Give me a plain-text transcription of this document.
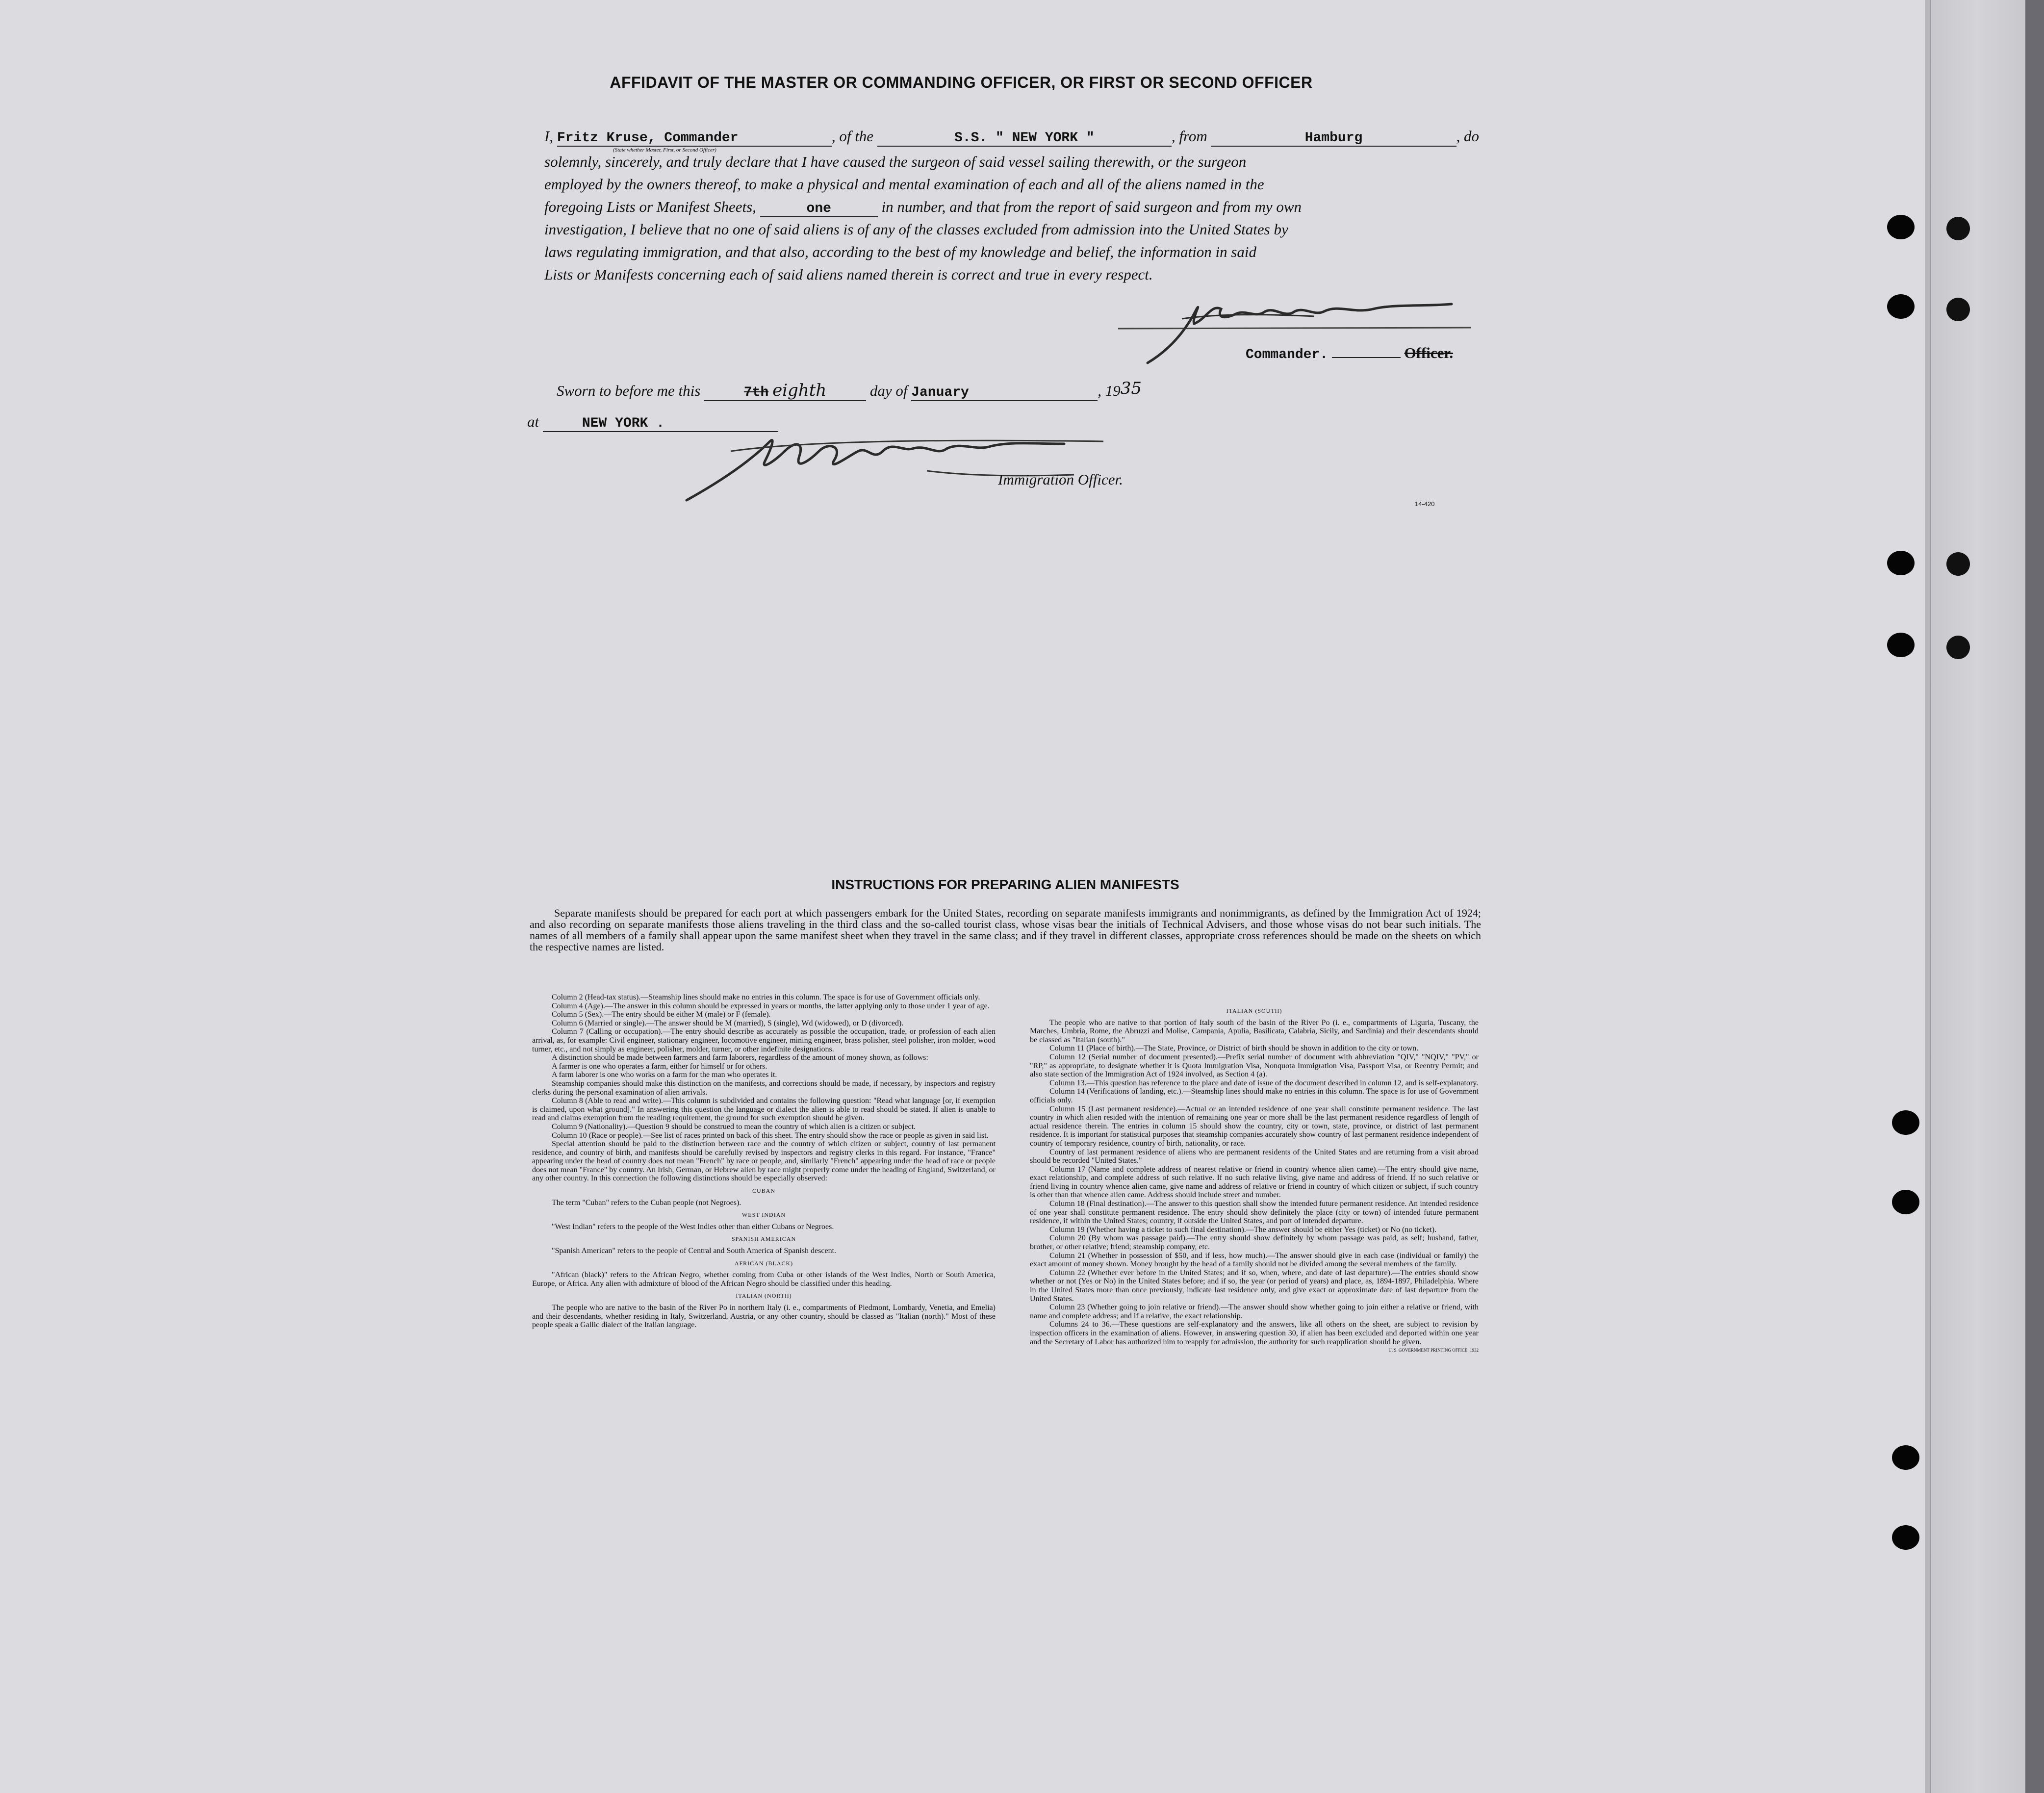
AFFIDAVIT OF THE MASTER OR COMMANDING OFFICER, OR FIRST OR SECOND OFFICER
I, Fritz Kruse, Commander	, of the	S.S. " NEW YORK "	, from	Hamburg	, do
(State whether Master, First, or Second Officer)
solemnly, sincerely, and truly declare that I have caused the surgeon of said vessel sailing therewith, or the surgeon
employed by the owners thereof, to make a physical and mental examination of each and all of the aliens named in the
foregoing Lists or Manifest Sheets,	one	in number, and that from the report of said surgeon and from my own
investigation, I believe that no one of said aliens is of any of the classes excluded from admission into the United States by
laws regulating immigration, and that also, according to the best of my knowledge and belief, the information in said
Lists or Manifests concerning each of said aliens named therein is correct and true in every respect.
Commander.	Officer.
Sworn to before me this	7th eighth	day of January	, 1935
at	NEW YORK .
Immigration Officer.
14-420
INSTRUCTIONS FOR PREPARING ALIEN MANIFESTS
Separate manifests should be prepared for each port at which passengers embark for the United States, recording on separate manifests immigrants and nonimmigrants, as defined by the Immigration Act of 1924; and also recording on separate manifests those aliens traveling in the third class and the so-called tourist class, whose visas bear the initials of Technical Advisers, and those whose visas do not bear such initials. The names of all members of a family shall appear upon the same manifest sheet when they travel in the same class; and if they travel in different classes, appropriate cross references should be made on the sheets on which the respective names are listed.

Column 2 (Head-tax status).—Steamship lines should make no entries in this column. The space is for use of Government officials only.

Column 4 (Age).—The answer in this column should be expressed in years or months, the latter applying only to those under 1 year of age.

Column 5 (Sex).—The entry should be either M (male) or F (female).

Column 6 (Married or single).—The answer should be M (married), S (single), Wd (widowed), or D (divorced).

Column 7 (Calling or occupation).—The entry should describe as accurately as possible the occupation, trade, or profession of each alien arrival, as, for example: Civil engineer, stationary engineer, locomotive engineer, mining engineer, brass polisher, steel polisher, iron molder, wood turner, etc., and not simply as engineer, polisher, molder, turner, or other indefinite designations.

A distinction should be made between farmers and farm laborers, regardless of the amount of money shown, as follows:

A farmer is one who operates a farm, either for himself or for others.

A farm laborer is one who works on a farm for the man who operates it.

Steamship companies should make this distinction on the manifests, and corrections should be made, if necessary, by inspectors and registry clerks during the personal examination of alien arrivals.

Column 8 (Able to read and write).—This column is subdivided and contains the following question: "Read what language [or, if exemption is claimed, upon what ground]." In answering this question the language or dialect the alien is able to read should be stated. If alien is unable to read and claims exemption from the reading requirement, the ground for such exemption should be given.

Column 9 (Nationality).—Question 9 should be construed to mean the country of which alien is a citizen or subject.

Column 10 (Race or people).—See list of races printed on back of this sheet. The entry should show the race or people as given in said list.

Special attention should be paid to the distinction between race and the country of which citizen or subject, country of last permanent residence, and country of birth, and manifests should be carefully revised by inspectors and registry clerks in this regard. For instance, "France" appearing under the head of country does not mean "French" by race or people, and, similarly "French" appearing under the head of race or people does not mean "France" by country. An Irish, German, or Hebrew alien by race might properly come under the heading of England, Switzerland, or any other country. In this connection the following distinctions should be especially observed:

CUBAN

The term "Cuban" refers to the Cuban people (not Negroes).

WEST INDIAN

"West Indian" refers to the people of the West Indies other than either Cubans or Negroes.

SPANISH AMERICAN

"Spanish American" refers to the people of Central and South America of Spanish descent.

AFRICAN (BLACK)

"African (black)" refers to the African Negro, whether coming from Cuba or other islands of the West Indies, North or South America, Europe, or Africa. Any alien with admixture of blood of the African Negro should be classified under this heading.

ITALIAN (NORTH)

The people who are native to the basin of the River Po in northern Italy (i. e., compartments of Piedmont, Lombardy, Venetia, and Emelia) and their descendants, whether residing in Italy, Switzerland, Austria, or any other country, should be classed as "Italian (north)." Most of these people speak a Gallic dialect of the Italian language.

ITALIAN (SOUTH)

The people who are native to that portion of Italy south of the basin of the River Po (i. e., compartments of Liguria, Tuscany, the Marches, Umbria, Rome, the Abruzzi and Molise, Campania, Apulia, Basilicata, Calabria, Sicily, and Sardinia) and their descendants should be classed as "Italian (south)."

Column 11 (Place of birth).—The State, Province, or District of birth should be shown in addition to the city or town.

Column 12 (Serial number of document presented).—Prefix serial number of document with abbreviation "QIV," "NQIV," "PV," or "RP," as appropriate, to designate whether it is Quota Immigration Visa, Nonquota Immigration Visa, Passport Visa, or Reentry Permit; and also state section of the Immigration Act of 1924 involved, as Section 4 (a).

Column 13.—This question has reference to the place and date of issue of the document described in column 12, and is self-explanatory.

Column 14 (Verifications of landing, etc.).—Steamship lines should make no entries in this column. The space is for use of Government officials only.

Column 15 (Last permanent residence).—Actual or an intended residence of one year shall constitute permanent residence. The last country in which alien resided with the intention of remaining one year or more shall be the last permanent residence regardless of length of actual residence therein. The entries in column 15 should show the country, city or town, state, province, or district of last permanent residence. It is important for statistical purposes that steamship companies accurately show country of last permanent residence independent of country of temporary residence, country of birth, nationality, or race.

Country of last permanent residence of aliens who are permanent residents of the United States and are returning from a visit abroad should be recorded "United States."

Column 17 (Name and complete address of nearest relative or friend in country whence alien came).—The entry should give name, exact relationship, and complete address of such relative. If no such relative living, give name and address of friend. If no such relative or friend living in country whence alien came, give name and address of relative or friend in country of which citizen or subject, if such country is other than that whence alien came. Address should include street and number.

Column 18 (Final destination).—The answer to this question shall show the intended future permanent residence. An intended residence of one year shall constitute permanent residence. The entry should show definitely the place (city or town) of intended future permanent residence, if within the United States; country, if outside the United States, and port of intended departure.

Column 19 (Whether having a ticket to such final destination).—The answer should be either Yes (ticket) or No (no ticket).

Column 20 (By whom was passage paid).—The entry should show definitely by whom passage was paid, as self; husband, father, brother, or other relative; friend; steamship company, etc.

Column 21 (Whether in possession of $50, and if less, how much).—The answer should give in each case (individual or family) the exact amount of money shown. Money brought by the head of a family should not be divided among the several members of the family.

Column 22 (Whether ever before in the United States; and if so, when, where, and date of last departure).—The entries should show whether or not (Yes or No) in the United States before; and if so, the year (or period of years) and place, as, 1894-1897, Philadelphia. Where in the United States more than once previously, indicate last residence only, and give exact or approximate date of last departure from the United States.

Column 23 (Whether going to join relative or friend).—The answer should show whether going to join either a relative or friend, with name and complete address; and if a relative, the exact relationship.

Columns 24 to 36.—These questions are self-explanatory and the answers, like all others on the sheet, are subject to revision by inspection officers in the examination of aliens. However, in answering question 30, if alien has been excluded and deported within one year and the Secretary of Labor has authorized him to reapply for admission, the authority for such reapplication should be given.

U. S. GOVERNMENT PRINTING OFFICE: 1932
